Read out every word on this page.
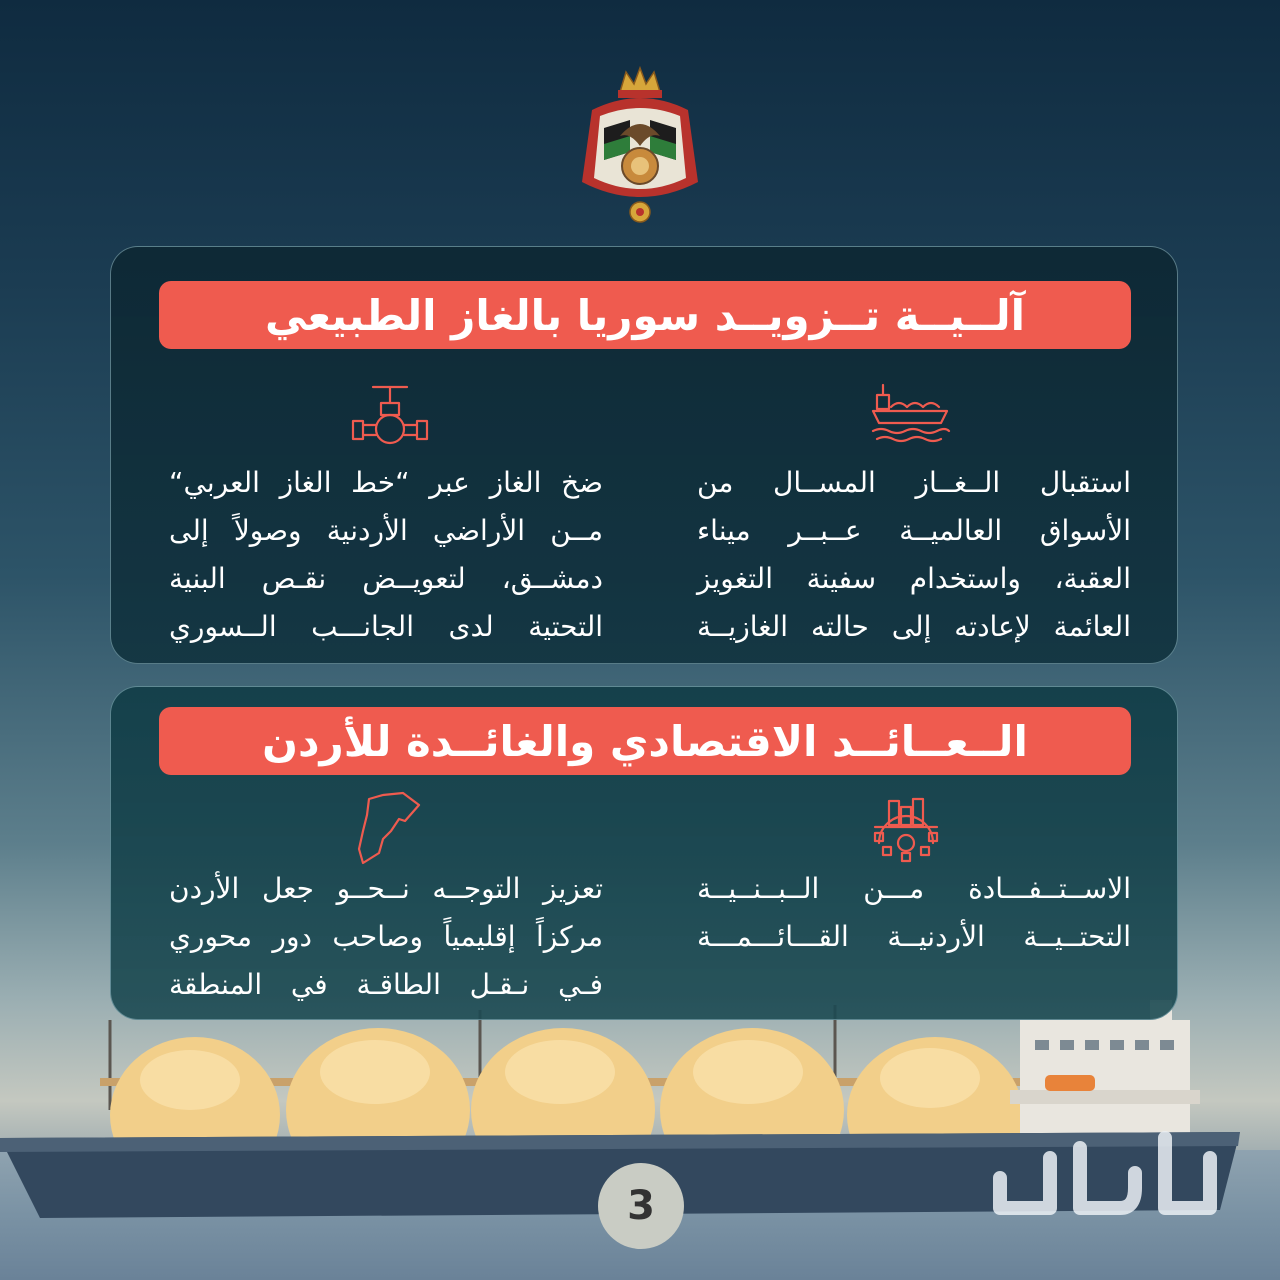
آلــيــة تــزويــد سوريا بالغاز الطبيعي
استقبال الــغــاز المســال من
الأسواق العالميــة عــبــر ميناء
العقبة، واستخدام سفينة التغويز
العائمة لإعادته إلى حالته الغازيــة
ضخ الغاز عبر “خط الغاز العربي“
مــن الأراضي الأردنية وصولاً إلى
دمشــق، لتعويــض نقـص البنية
التحتية لدى الجانـــب الــسوري
الــعــائــد الاقتصادي والغائــدة للأردن
الاســتــفـــادة مـــن الــبــنــيــة
التحتــيــة الأردنيــة القـــائـــمـــة
تعزيز التوجــه نــحــو جعل الأردن
مركزاً إقليمياً وصاحب دور محوري
فـي نـقـل الطاقـة في المنطقة
3
